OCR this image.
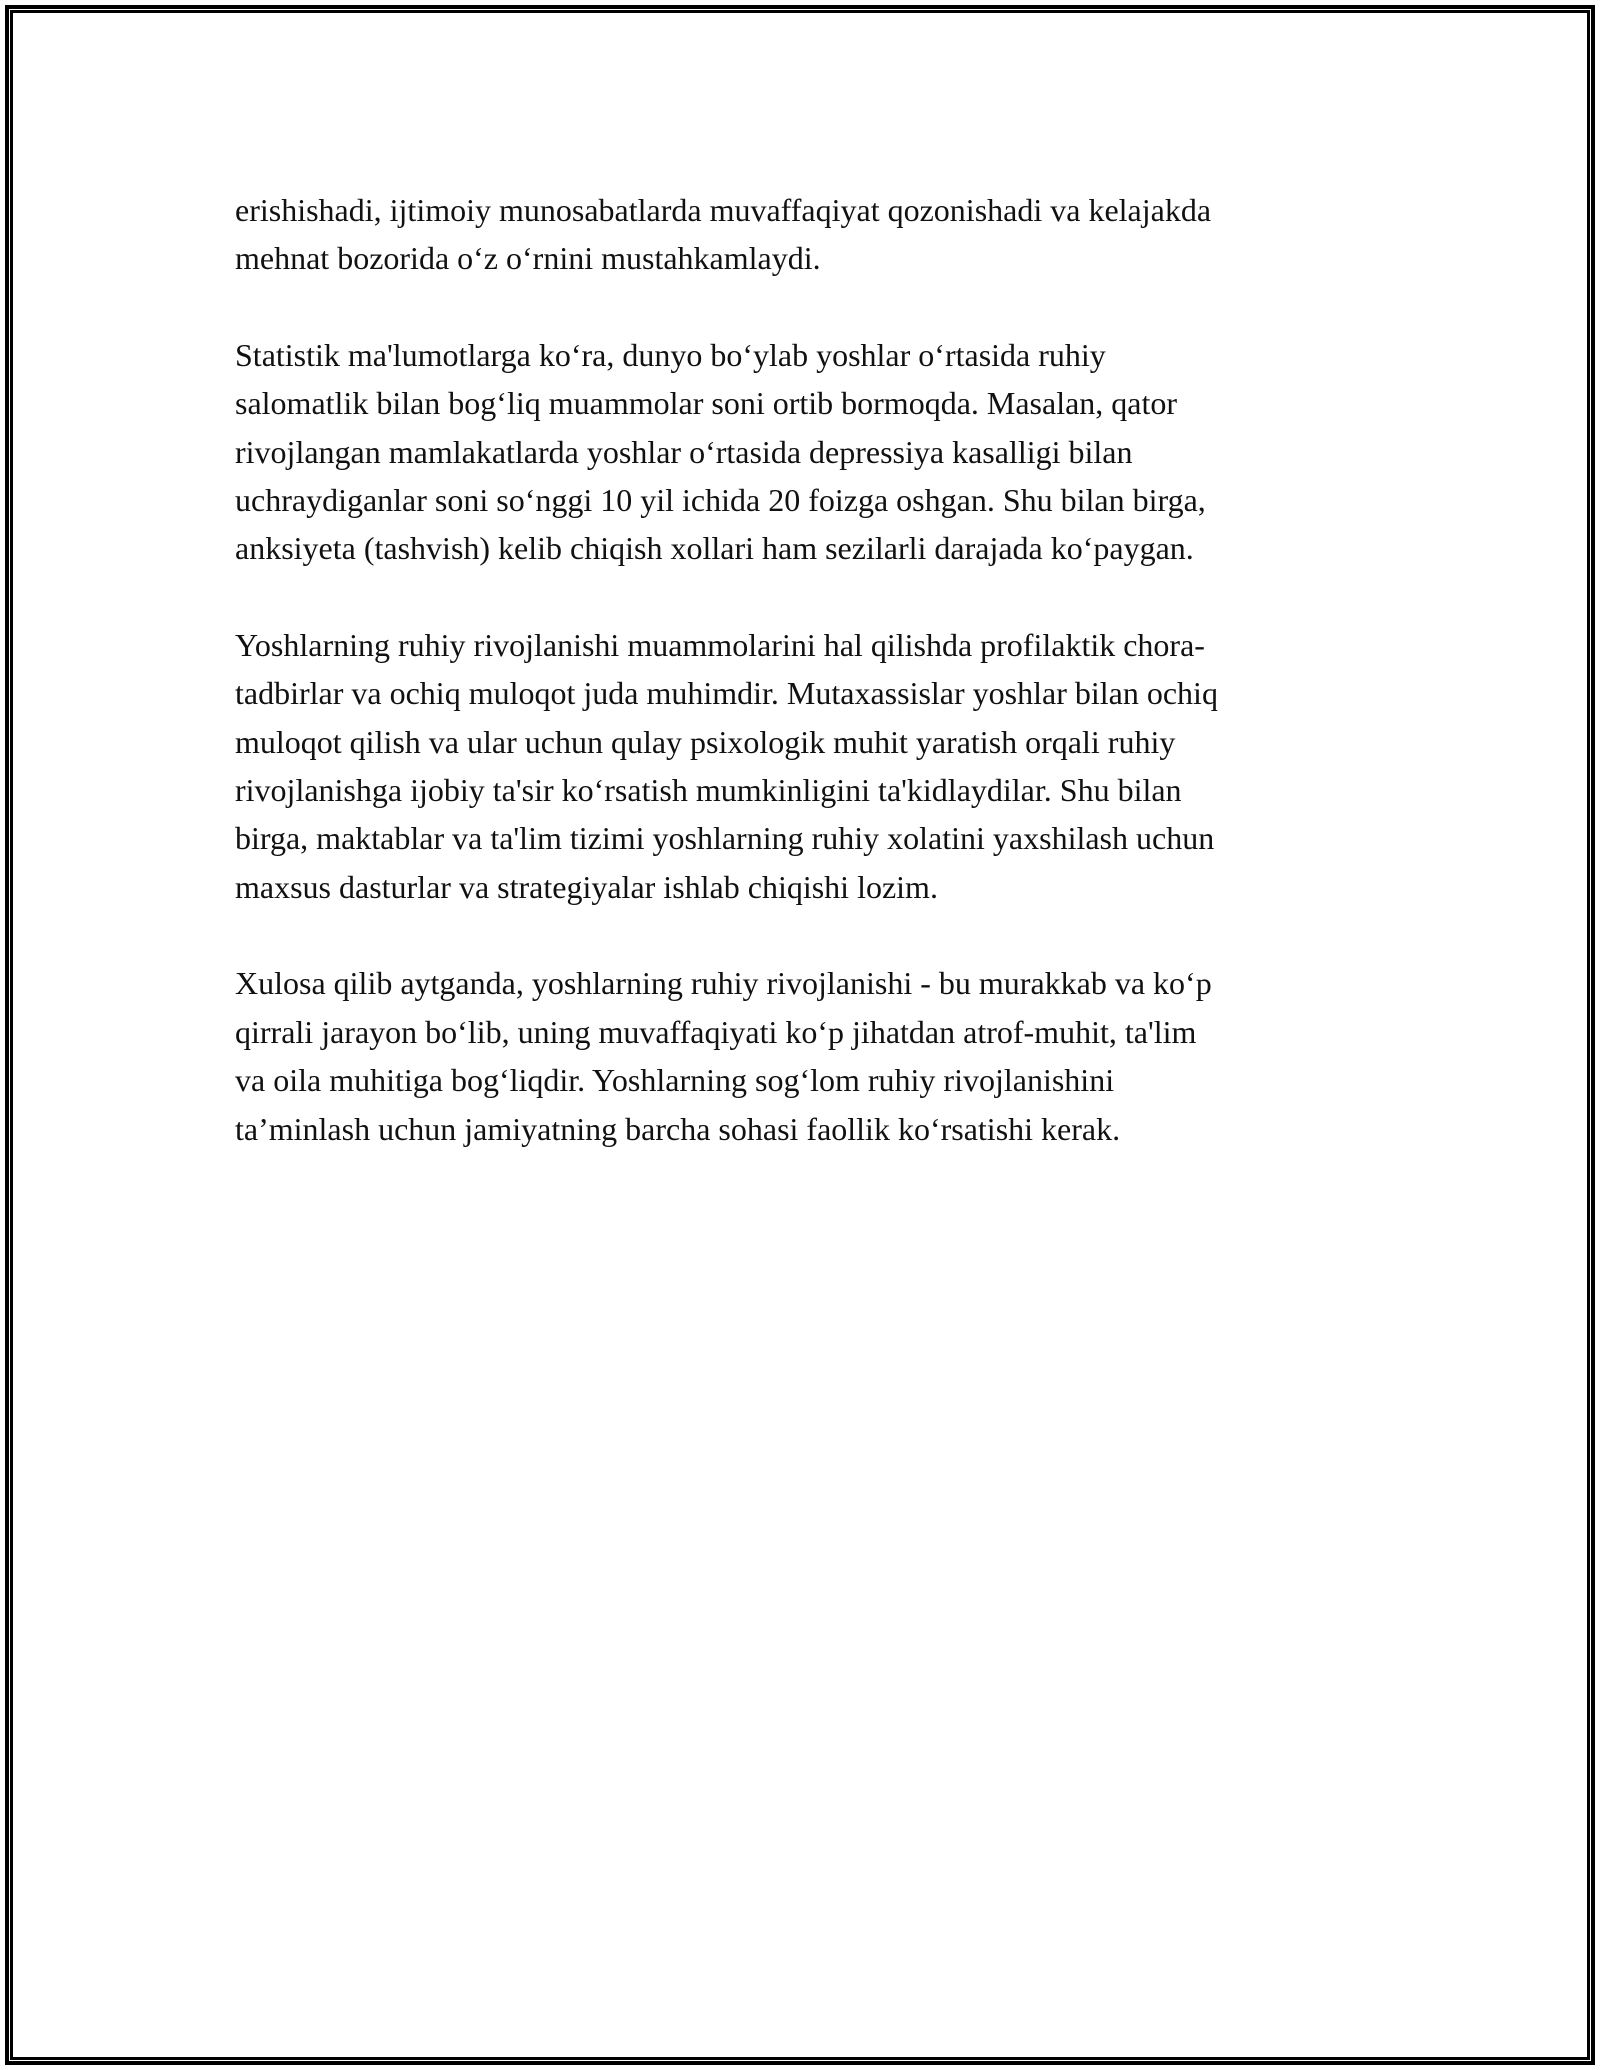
erishishadi, ijtimoiy munosabatlarda muvaffaqiyat qozonishadi va kelajakda
mehnat bozorida o‘z o‘rnini mustahkamlaydi.

Statistik ma'lumotlarga ko‘ra, dunyo bo‘ylab yoshlar o‘rtasida ruhiy
salomatlik bilan bog‘liq muammolar soni ortib bormoqda. Masalan, qator
rivojlangan mamlakatlarda yoshlar o‘rtasida depressiya kasalligi bilan
uchraydiganlar soni so‘nggi 10 yil ichida 20 foizga oshgan. Shu bilan birga,
anksiyeta (tashvish) kelib chiqish xollari ham sezilarli darajada ko‘paygan.

Yoshlarning ruhiy rivojlanishi muammolarini hal qilishda profilaktik chora-
tadbirlar va ochiq muloqot juda muhimdir. Mutaxassislar yoshlar bilan ochiq
muloqot qilish va ular uchun qulay psixologik muhit yaratish orqali ruhiy
rivojlanishga ijobiy ta'sir ko‘rsatish mumkinligini ta'kidlaydilar. Shu bilan
birga, maktablar va ta'lim tizimi yoshlarning ruhiy xolatini yaxshilash uchun
maxsus dasturlar va strategiyalar ishlab chiqishi lozim.

Xulosa qilib aytganda, yoshlarning ruhiy rivojlanishi - bu murakkab va ko‘p
qirrali jarayon bo‘lib, uning muvaffaqiyati ko‘p jihatdan atrof-muhit, ta'lim
va oila muhitiga bog‘liqdir. Yoshlarning sog‘lom ruhiy rivojlanishini
ta’minlash uchun jamiyatning barcha sohasi faollik ko‘rsatishi kerak.
